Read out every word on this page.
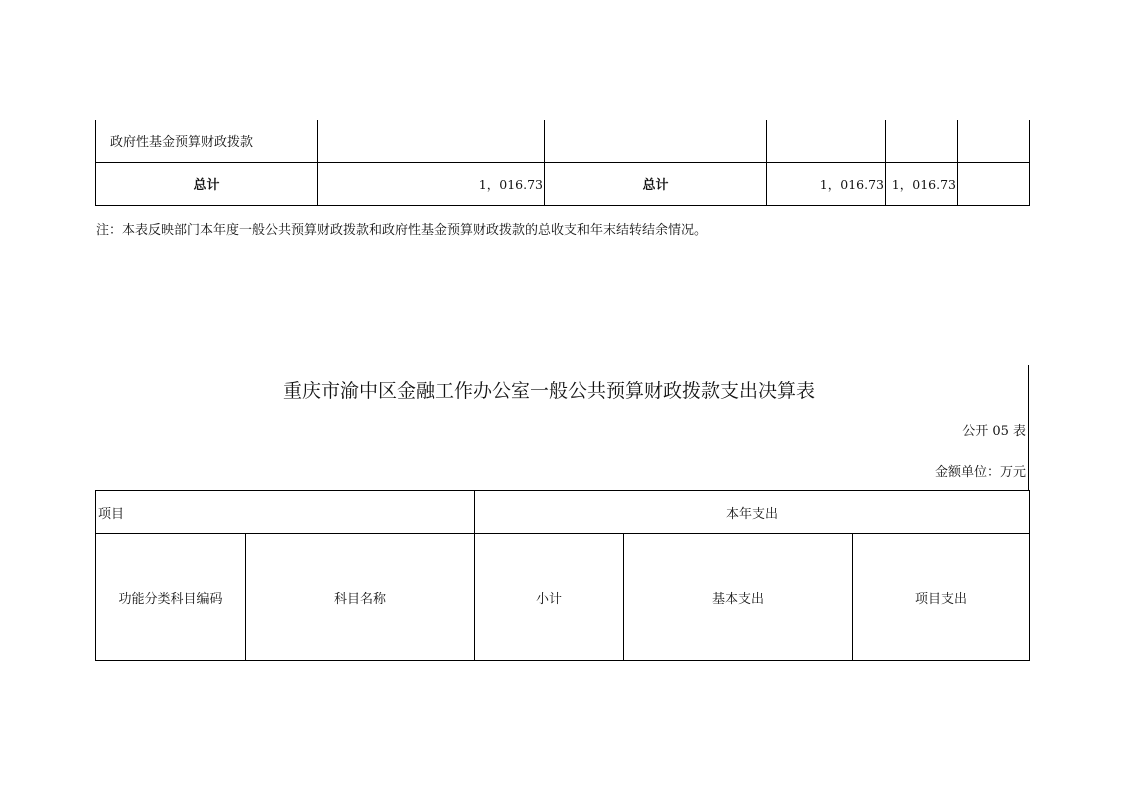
政府性基金预算财政拨款					
总计	1，016.73	总计	1，016.73	1，016.73	
注：本表反映部门本年度一般公共预算财政拨款和政府性基金预算财政拨款的总收支和年末结转结余情况。
重庆市渝中区金融工作办公室一般公共预算财政拨款支出决算表
公开 05 表
金额单位：万元
项目		本年支出		
功能分类科目编码	科目名称	小计	基本支出	项目支出
